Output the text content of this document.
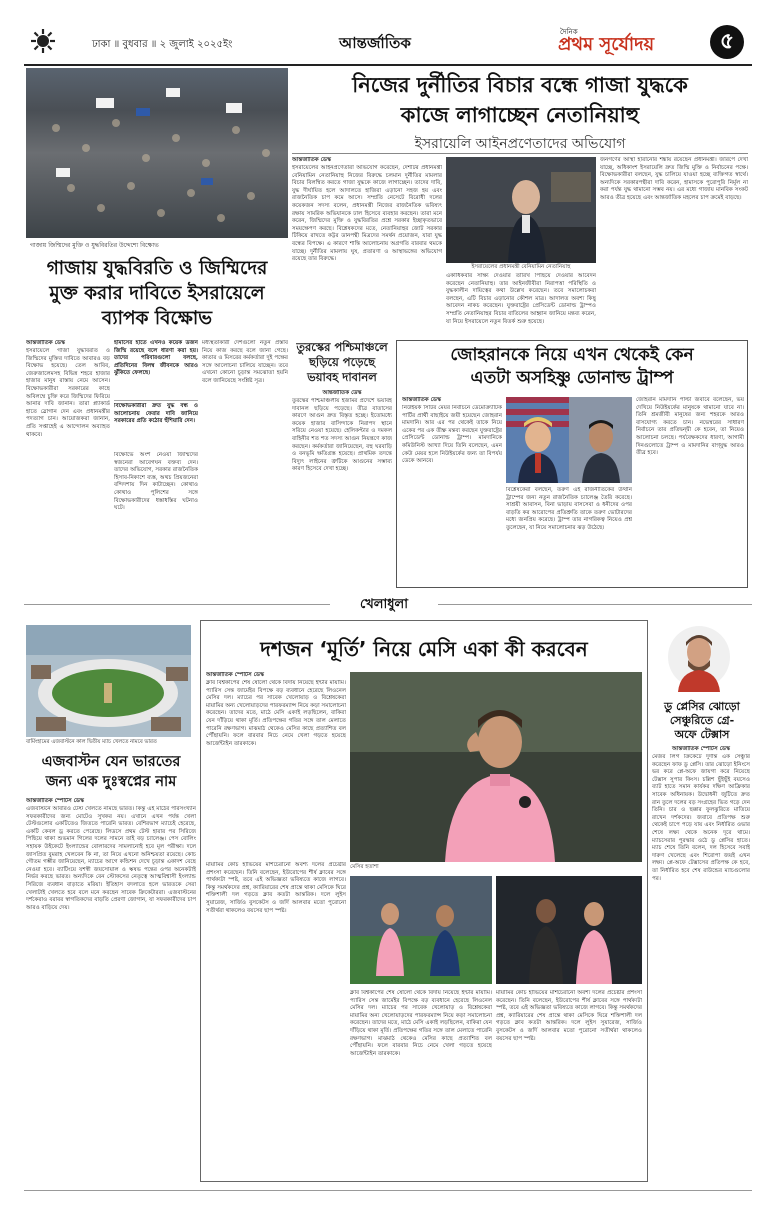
ঢাকা ॥ বুধবার ॥ ২ জুলাই ২০২৫ইং	আন্তর্জাতিক
দৈনিক
প্রথম সূর্যোদয়	৫
গাজায় জিম্মিদের মুক্তি ও যুদ্ধবিরতির উদ্দেশ্যে বিক্ষোভ
গাজায় যুদ্ধবিরতি ও জিম্মিদের
মুক্ত করার দাবিতে ইসরায়েলে
ব্যাপক বিক্ষোভ
আন্তর্জাতিক ডেস্ক
ইসরায়েলে গাজা যুদ্ধবিরতি ও জিম্মিদের মুক্তির দাবিতে আবারও বড় বিক্ষোভ হয়েছে। তেল আবিব, জেরুজালেমসহ বিভিন্ন শহরে হাজার হাজার মানুষ রাস্তায় নেমে আসেন। বিক্ষোভকারীরা সরকারের কাছে অবিলম্বে চুক্তি করে জিম্মিদের ফিরিয়ে আনার দাবি জানান। তারা প্ল্যাকার্ড হাতে স্লোগান দেন এবং প্রধানমন্ত্রীর পদত্যাগ চান। আয়োজকরা জানান, প্রতি সপ্তাহেই এ আন্দোলন অব্যাহত থাকবে।
হামাসের হাতে এখনও কয়েক ডজন জিম্মি রয়েছে বলে ধারণা করা হয়। তাদের পরিবারগুলো বলছে, প্রতিদিনের বিলম্ব জীবনকে আরও ঝুঁকিতে ফেলছে।
বিক্ষোভকারীরা দ্রুত যুদ্ধ বন্ধ ও আলোচনায় ফেরার দাবি জানিয়ে সরকারের প্রতি কঠোর হুঁশিয়ারি দেন।
বিক্ষোভে অংশ নেওয়া জিম্মিদের স্বজনেরা আবেগঘন বক্তব্য দেন। তাদের অভিযোগ, সরকার রাজনৈতিক হিসাব-নিকাশে ব্যস্ত, অথচ প্রিয়জনেরা বন্দিদশায় দিন কাটাচ্ছেন। কোথাও কোথাও পুলিশের সঙ্গে বিক্ষোভকারীদের ধস্তাধস্তির ঘটনাও ঘটে।
মধ্যস্থতাকারী দেশগুলো নতুন প্রস্তাব নিয়ে কাজ করছে বলে জানা গেছে। কাতার ও মিসরের কর্মকর্তারা দুই পক্ষের সঙ্গে আলোচনা চালিয়ে যাচ্ছেন। তবে এখনো কোনো চূড়ান্ত সমঝোতা হয়নি বলে জানিয়েছে সংশ্লিষ্ট সূত্র।
নিজের দুর্নীতির বিচার বন্ধে গাজা যুদ্ধকে
কাজে লাগাচ্ছেন নেতানিয়াহু
ইসরায়েলি আইনপ্রণেতাদের অভিযোগ
আন্তর্জাতিক ডেস্ক
ইসরায়েলের আইনপ্রণেতারা অভিযোগ করেছেন, দেশটির প্রধানমন্ত্রী বেনিয়ামিন নেতানিয়াহু নিজের বিরুদ্ধে চলমান দুর্নীতির মামলার বিচার বিলম্বিত করতে গাজা যুদ্ধকে কাজে লাগাচ্ছেন। তাদের দাবি, যুদ্ধ দীর্ঘায়িত হলে আদালতে হাজিরা এড়ানো সহজ হয় এবং রাজনৈতিক চাপ কমে আসে। সম্প্রতি নেসেটে বিরোধী দলের কয়েকজন সদস্য বলেন, প্রধানমন্ত্রী নিজের রাজনৈতিক ভবিষ্যৎ রক্ষায় সামরিক অভিযানকে ঢাল হিসেবে ব্যবহার করছেন। তারা মনে করেন, জিম্মিদের মুক্তি ও যুদ্ধবিরতির প্রশ্নে সরকার ইচ্ছাকৃতভাবে সময়ক্ষেপণ করছে। বিশ্লেষকদের মতে, নেতানিয়াহুর জোট সরকার টিকিয়ে রাখতে কট্টর ডানপন্থী মিত্রদের সমর্থন প্রয়োজন, যারা যুদ্ধ বন্ধের বিপক্ষে। এ কারণে শান্তি আলোচনায় অগ্রগতি বারবার থমকে যাচ্ছে। দুর্নীতির মামলায় ঘুষ, প্রতারণা ও আস্থাভঙ্গের অভিযোগ রয়েছে তার বিরুদ্ধে।
ইসরায়েলের প্রধানমন্ত্রী বেনিয়ামিন নেতানিয়াহু
একাধিকবার সাক্ষ্য দেওয়ার তারিখ পিছিয়ে দেওয়ার আবেদন করেছেন নেতানিয়াহু। তার আইনজীবীরা নিরাপত্তা পরিস্থিতি ও যুদ্ধকালীন দায়িত্বের কথা উল্লেখ করেছেন। তবে সমালোচকরা বলছেন, এটি বিচার এড়ানোর কৌশল মাত্র। আদালত অবশ্য কিছু আবেদন নাকচ করেছেন। যুক্তরাষ্ট্রের প্রেসিডেন্ট ডোনাল্ড ট্রাম্পও সম্প্রতি নেতানিয়াহুর বিচার বাতিলের আহ্বান জানিয়ে মন্তব্য করেন, যা নিয়ে ইসরায়েলে নতুন বিতর্ক শুরু হয়েছে।
জনগণের আস্থা হারানোর শঙ্কায় রয়েছেন প্রধানমন্ত্রী। জরিপে দেখা যাচ্ছে, অধিকাংশ ইসরায়েলি দ্রুত জিম্মি মুক্তি ও নির্বাচনের পক্ষে। বিক্ষোভকারীরা বলছেন, যুদ্ধ চালিয়ে যাওয়া হচ্ছে ব্যক্তিগত স্বার্থে। অন্যদিকে সরকারপন্থীরা দাবি করেন, হামাসকে পুরোপুরি নির্মূল না করা পর্যন্ত যুদ্ধ থামানো সম্ভব নয়। এর মধ্যে গাজায় মানবিক সংকট আরও তীব্র হয়েছে এবং আন্তর্জাতিক মহলের চাপ ক্রমেই বাড়ছে।
তুরস্কের পশ্চিমাঞ্চলে
ছড়িয়ে পড়েছে
ভয়াবহ দাবানল
আন্তর্জাতিক ডেস্ক
তুরস্কের পশ্চিমাঞ্চলীয় ইজমির প্রদেশে ভয়াবহ দাবানল ছড়িয়ে পড়েছে। তীব্র বাতাসের কারণে আগুন দ্রুত বিস্তৃত হচ্ছে। ইতোমধ্যে কয়েক হাজার বাসিন্দাকে নিরাপদ স্থানে সরিয়ে নেওয়া হয়েছে। হেলিকপ্টার ও দমকল বাহিনীর শত শত সদস্য আগুন নিয়ন্ত্রণে কাজ করছেন। কর্মকর্তারা জানিয়েছেন, বহু ঘরবাড়ি ও বনভূমি ক্ষতিগ্রস্ত হয়েছে। প্রাথমিক তদন্তে বিদ্যুৎ লাইনের ত্রুটিকে আগুনের সম্ভাব্য কারণ হিসেবে দেখা হচ্ছে।
জোহরানকে নিয়ে এখন থেকেই কেন
এতটা অসহিষ্ণু ডোনাল্ড ট্রাম্প
আন্তর্জাতিক ডেস্ক
নিউইয়র্ক সিটির মেয়র নির্বাচনে ডেমোক্র্যাটিক পার্টির প্রার্থী বাছাইয়ে জয়ী হয়েছেন জোহরান মামদানি। আর এর পর থেকেই তাকে নিয়ে একের পর এক তীক্ষ্ণ মন্তব্য করছেন যুক্তরাষ্ট্রের প্রেসিডেন্ট ডোনাল্ড ট্রাম্প। মামদানিকে কমিউনিস্ট আখ্যা দিয়ে তিনি বলেছেন, এমন কেউ মেয়র হলে নিউইয়র্কের জন্য তা বিপর্যয় ডেকে আনবে।
বিশ্লেষকেরা বলছেন, তরুণ এই রাজনীতিকের উত্থান ট্রাম্পের জন্য নতুন রাজনৈতিক চ্যালেঞ্জ তৈরি করেছে। সাশ্রয়ী আবাসন, বিনা ভাড়ায় বাসসেবা ও ধনীদের ওপর বাড়তি কর আরোপের প্রতিশ্রুতি তাকে তরুণ ভোটারদের মধ্যে জনপ্রিয় করেছে। ট্রাম্প তার নাগরিকত্ব নিয়েও প্রশ্ন তুলেছেন, যা নিয়ে সমালোচনার ঝড় উঠেছে।
জোহরান মামদানি পাল্টা জবাবে বলেছেন, ভয় দেখিয়ে নিউইয়র্কের মানুষকে থামানো যাবে না। তিনি শ্রমজীবী মানুষের জন্য শহরকে আরও বাসযোগ্য করতে চান। নভেম্বরের সাধারণ নির্বাচনে তার প্রতিদ্বন্দ্বী কে হবেন, তা নিয়েও আলোচনা চলছে। পর্যবেক্ষকদের ধারণা, আগামী দিনগুলোতে ট্রাম্প ও মামদানির বাগ্‌যুদ্ধ আরও তীব্র হবে।
খেলাধুলা
বার্মিংহামের এজবাস্টনে কাল দ্বিতীয় ম্যাচ খেলতে নামবে ভারত
এজবাস্টন যেন ভারতের
জন্য এক দুঃস্বপ্নের নাম
আন্তর্জাতিক স্পোর্টস ডেস্ক
এজবাস্টনে আবারও টেস্ট খেলতে নামছে ভারত। কিন্তু এই মাঠের পরিসংখ্যান সফরকারীদের জন্য মোটেও সুখকর নয়। এখানে এখন পর্যন্ত খেলা টেস্টগুলোর একটিতেও জিততে পারেনি ভারত। বেশিরভাগ ম্যাচেই হেরেছে, একটি কেবল ড্র করতে পেরেছে। লিডসে প্রথম টেস্ট হারার পর সিরিজে পিছিয়ে থাকা শুভমান গিলের দলের সামনে তাই বড় চ্যালেঞ্জ। পেস বোলিং সহায়ক উইকেটে ইংল্যান্ডের বোলারদের সামলানোই হবে মূল পরীক্ষা। দলে জাসপ্রিত বুমরাহ খেলবেন কি না, তা নিয়ে এখনো অনিশ্চয়তা রয়েছে। কোচ গৌতম গম্ভীর জানিয়েছেন, ম্যাচের আগে কন্ডিশন দেখে চূড়ান্ত একাদশ বেছে নেওয়া হবে। ব্যাটিংয়ে যশস্বী জয়সোয়াল ও ঋষভ পন্তের ওপর অনেকটাই নির্ভর করছে ভারত। অন্যদিকে বেন স্টোকসের নেতৃত্বে আত্মবিশ্বাসী ইংল্যান্ড সিরিজে ব্যবধান বাড়াতে মরিয়া। ইতিহাস বদলাতে হলে ভারতকে সেরা খেলাটাই খেলতে হবে বলে মনে করছেন সাবেক ক্রিকেটাররা। এজবাস্টনের দর্শকেরাও বরাবর স্বাগতিকদের বাড়তি প্রেরণা জোগান, যা সফরকারীদের চাপ আরও বাড়িয়ে দেয়।
দশজন ‘মূর্তি’ নিয়ে মেসি একা কী করবেন
আন্তর্জাতিক স্পোর্টস ডেস্ক
ক্লাব বিশ্বকাপের শেষ ষোলো থেকে বিদায় নিয়েছে ইন্টার মায়ামি। প্যারিস সেন্ত জার্মেইর বিপক্ষে বড় ব্যবধানে হেরেছে লিওনেল মেসির দল। ম্যাচের পর সাবেক খেলোয়াড় ও বিশ্লেষকেরা মায়ামির অন্য খেলোয়াড়দের পারফরম্যান্স নিয়ে কড়া সমালোচনা করেছেন। তাদের মতে, মাঠে মেসি একাই লড়ছিলেন, বাকিরা যেন দাঁড়িয়ে থাকা মূর্তি। প্রতিপক্ষের গতির সঙ্গে তাল মেলাতে পারেনি রক্ষণভাগ। মাঝমাঠ থেকেও মেসির কাছে প্রত্যাশিত বল পৌঁছায়নি। ফলে বারবার নিচে নেমে খেলা গড়তে হয়েছে আর্জেন্টাইন তারকাকে।
মেসির হতাশা
মায়ামির কোচ হাভিয়ের মাশচেরানো অবশ্য দলের প্রচেষ্টার প্রশংসা করেছেন। তিনি বলেছেন, ইউরোপের শীর্ষ ক্লাবের সঙ্গে পার্থক্যটা স্পষ্ট, তবে এই অভিজ্ঞতা ভবিষ্যতে কাজে লাগবে। কিন্তু সমর্থকদের প্রশ্ন, ক্যারিয়ারের শেষ প্রান্তে থাকা মেসিকে ঘিরে শক্তিশালী দল গড়তে ক্লাব কতটা আন্তরিক। দলে লুইস সুয়ারেজ, সার্জিও বুসকেটস ও জর্দি আলবার মতো পুরোনো সতীর্থরা থাকলেও বয়সের ছাপ স্পষ্ট।
ক্লাব বিশ্বকাপের শেষ ষোলো থেকে বিদায় নিয়েছে ইন্টার মায়ামি। প্যারিস সেন্ত জার্মেইর বিপক্ষে বড় ব্যবধানে হেরেছে লিওনেল মেসির দল। ম্যাচের পর সাবেক খেলোয়াড় ও বিশ্লেষকেরা মায়ামির অন্য খেলোয়াড়দের পারফরম্যান্স নিয়ে কড়া সমালোচনা করেছেন। তাদের মতে, মাঠে মেসি একাই লড়ছিলেন, বাকিরা যেন দাঁড়িয়ে থাকা মূর্তি। প্রতিপক্ষের গতির সঙ্গে তাল মেলাতে পারেনি রক্ষণভাগ। মাঝমাঠ থেকেও মেসির কাছে প্রত্যাশিত বল পৌঁছায়নি। ফলে বারবার নিচে নেমে খেলা গড়তে হয়েছে আর্জেন্টাইন তারকাকে।
মায়ামির কোচ হাভিয়ের মাশচেরানো অবশ্য দলের প্রচেষ্টার প্রশংসা করেছেন। তিনি বলেছেন, ইউরোপের শীর্ষ ক্লাবের সঙ্গে পার্থক্যটা স্পষ্ট, তবে এই অভিজ্ঞতা ভবিষ্যতে কাজে লাগবে। কিন্তু সমর্থকদের প্রশ্ন, ক্যারিয়ারের শেষ প্রান্তে থাকা মেসিকে ঘিরে শক্তিশালী দল গড়তে ক্লাব কতটা আন্তরিক। দলে লুইস সুয়ারেজ, সার্জিও বুসকেটস ও জর্দি আলবার মতো পুরোনো সতীর্থরা থাকলেও বয়সের ছাপ স্পষ্ট।
ডু প্লেসির ঝোড়ো
সেঞ্চুরিতে গ্রে-
অফে টেক্সাস
আন্তর্জাতিক স্পোর্টস ডেস্ক
মেজর লিগ ক্রিকেটে দুর্দান্ত এক সেঞ্চুরি করেছেন ফাফ ডু প্লেসি। তার ঝোড়ো ইনিংসে ভর করে প্লে-অফে জায়গা করে নিয়েছে টেক্সাস সুপার কিংস। চল্লিশ ছুঁইছুঁই বয়সেও ব্যাট হাতে সমান কার্যকর দক্ষিণ আফ্রিকার সাবেক অধিনায়ক। উদ্বোধনী জুটিতে দ্রুত রান তুলে দলের বড় সংগ্রহের ভিত গড়ে দেন তিনি। চার ও ছক্কার ফুলঝুরিতে মাতিয়ে রাখেন দর্শকদের। জবাবে প্রতিপক্ষ শুরু থেকেই চাপে পড়ে যায় এবং নির্ধারিত ওভার শেষে লক্ষ্য থেকে অনেক দূরে থামে। ম্যাচসেরার পুরস্কার ওঠে ডু প্লেসির হাতে। ম্যাচ শেষে তিনি বলেন, দল হিসেবে সবাই দারুণ খেলেছে এবং শিরোপা জয়ই এখন লক্ষ্য। প্লে-অফে টেক্সাসের প্রতিপক্ষ কে হবে, তা নির্ধারিত হবে শেষ রাউন্ডের ম্যাচগুলোর পর।
